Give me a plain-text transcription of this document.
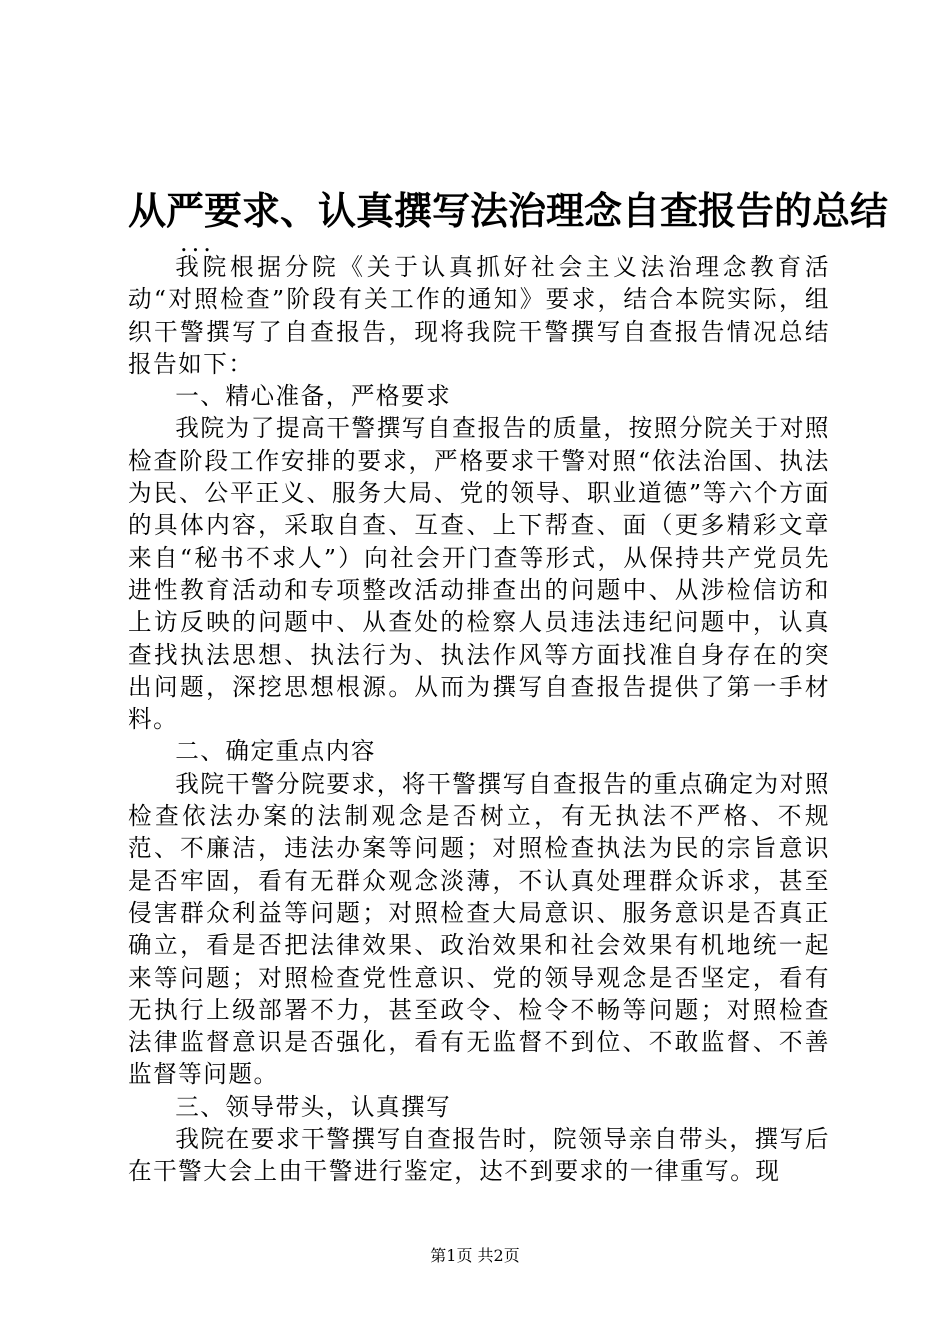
从严要求、认真撰写法治理念自查报告的总结
...

我院根据分院《关于认真抓好社会主义法治理念教育活动“对照检查”阶段有关工作的通知》要求，结合本院实际，组织干警撰写了自查报告，现将我院干警撰写自查报告情况总结报告如下：

一、精心准备，严格要求

我院为了提高干警撰写自查报告的质量，按照分院关于对照检查阶段工作安排的要求，严格要求干警对照“依法治国、执法为民、公平正义、服务大局、党的领导、职业道德”等六个方面的具体内容，采取自查、互查、上下帮查、面（更多精彩文章来自“秘书不求人”）向社会开门查等形式，从保持共产党员先进性教育活动和专项整改活动排查出的问题中、从涉检信访和上访反映的问题中、从查处的检察人员违法违纪问题中，认真查找执法思想、执法行为、执法作风等方面找准自身存在的突出问题，深挖思想根源。从而为撰写自查报告提供了第一手材料。

二、确定重点内容

我院干警分院要求，将干警撰写自查报告的重点确定为对照检查依法办案的法制观念是否树立，有无执法不严格、不规范、不廉洁，违法办案等问题；对照检查执法为民的宗旨意识是否牢固，看有无群众观念淡薄，不认真处理群众诉求，甚至侵害群众利益等问题；对照检查大局意识、服务意识是否真正确立，看是否把法律效果、政治效果和社会效果有机地统一起来等问题；对照检查党性意识、党的领导观念是否坚定，看有无执行上级部署不力，甚至政令、检令不畅等问题；对照检查法律监督意识是否强化，看有无监督不到位、不敢监督、不善监督等问题。

三、领导带头，认真撰写

我院在要求干警撰写自查报告时，院领导亲自带头，撰写后在干警大会上由干警进行鉴定，达不到要求的一律重写。现

第1页 共2页
